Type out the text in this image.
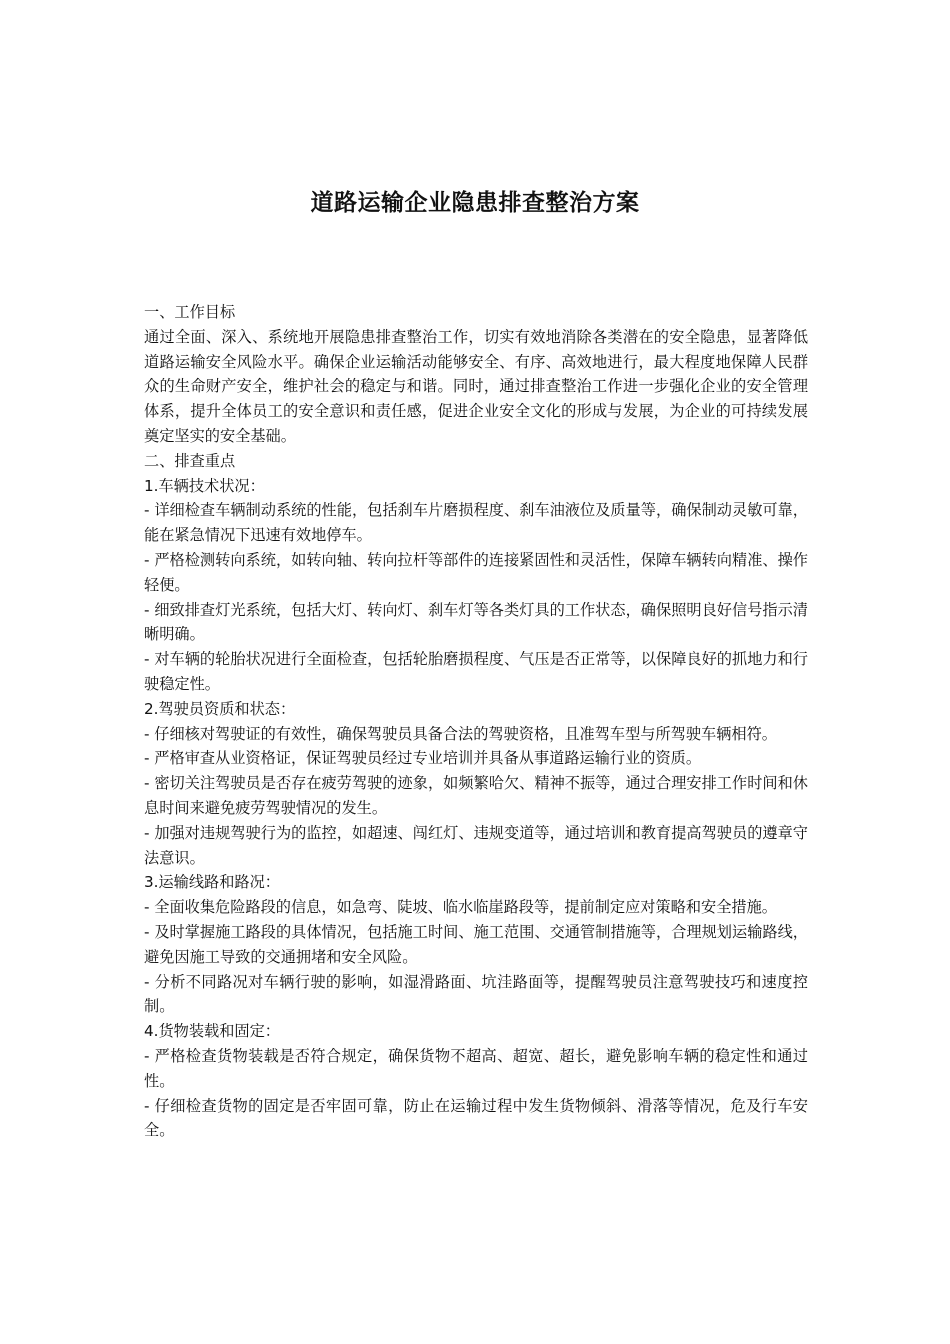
道路运输企业隐患排查整治方案

一、工作目标

通过全面、深入、系统地开展隐患排查整治工作，切实有效地消除各类潜在的安全隐患，显著降低道路运输安全风险水平。确保企业运输活动能够安全、有序、高效地进行，最大程度地保障人民群众的生命财产安全，维护社会的稳定与和谐。同时，通过排查整治工作进一步强化企业的安全管理体系，提升全体员工的安全意识和责任感，促进企业安全文化的形成与发展，为企业的可持续发展奠定坚实的安全基础。

二、排查重点

1.车辆技术状况：

- 详细检查车辆制动系统的性能，包括刹车片磨损程度、刹车油液位及质量等，确保制动灵敏可靠，能在紧急情况下迅速有效地停车。

- 严格检测转向系统，如转向轴、转向拉杆等部件的连接紧固性和灵活性，保障车辆转向精准、操作轻便。

- 细致排查灯光系统，包括大灯、转向灯、刹车灯等各类灯具的工作状态，确保照明良好信号指示清晰明确。

- 对车辆的轮胎状况进行全面检查，包括轮胎磨损程度、气压是否正常等，以保障良好的抓地力和行驶稳定性。

2.驾驶员资质和状态：

- 仔细核对驾驶证的有效性，确保驾驶员具备合法的驾驶资格，且准驾车型与所驾驶车辆相符。

- 严格审查从业资格证，保证驾驶员经过专业培训并具备从事道路运输行业的资质。

- 密切关注驾驶员是否存在疲劳驾驶的迹象，如频繁哈欠、精神不振等，通过合理安排工作时间和休息时间来避免疲劳驾驶情况的发生。

- 加强对违规驾驶行为的监控，如超速、闯红灯、违规变道等，通过培训和教育提高驾驶员的遵章守法意识。

3.运输线路和路况：

- 全面收集危险路段的信息，如急弯、陡坡、临水临崖路段等，提前制定应对策略和安全措施。

- 及时掌握施工路段的具体情况，包括施工时间、施工范围、交通管制措施等，合理规划运输路线，避免因施工导致的交通拥堵和安全风险。

- 分析不同路况对车辆行驶的影响，如湿滑路面、坑洼路面等，提醒驾驶员注意驾驶技巧和速度控制。

4.货物装载和固定：

- 严格检查货物装载是否符合规定，确保货物不超高、超宽、超长，避免影响车辆的稳定性和通过性。

- 仔细检查货物的固定是否牢固可靠，防止在运输过程中发生货物倾斜、滑落等情况，危及行车安全。
